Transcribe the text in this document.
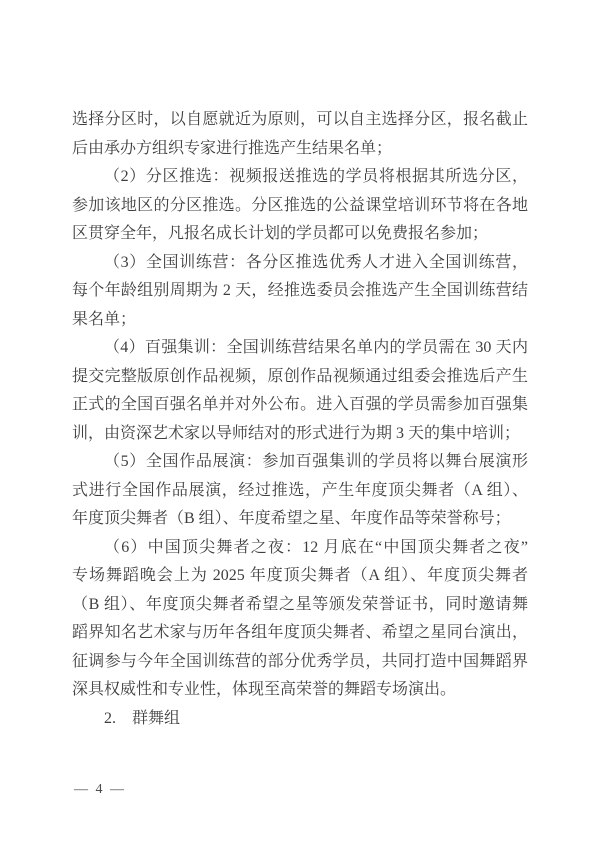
选择分区时，以自愿就近为原则，可以自主选择分区，报名截止

后由承办方组织专家进行推选产生结果名单；

（2）分区推选：视频报送推选的学员将根据其所选分区，

参加该地区的分区推选。分区推选的公益课堂培训环节将在各地

区贯穿全年，凡报名成长计划的学员都可以免费报名参加；

（3）全国训练营：各分区推选优秀人才进入全国训练营，

每个年龄组别周期为 2 天，经推选委员会推选产生全国训练营结

果名单；

（4）百强集训：全国训练营结果名单内的学员需在 30 天内

提交完整版原创作品视频，原创作品视频通过组委会推选后产生

正式的全国百强名单并对外公布。进入百强的学员需参加百强集

训，由资深艺术家以导师结对的形式进行为期 3 天的集中培训；

（5）全国作品展演：参加百强集训的学员将以舞台展演形

式进行全国作品展演，经过推选，产生年度顶尖舞者（A 组）、

年度顶尖舞者（B 组）、年度希望之星、年度作品等荣誉称号；

（6）中国顶尖舞者之夜：12 月底在“中国顶尖舞者之夜”

专场舞蹈晚会上为 2025 年度顶尖舞者（A 组）、年度顶尖舞者

（B 组）、年度顶尖舞者希望之星等颁发荣誉证书，同时邀请舞

蹈界知名艺术家与历年各组年度顶尖舞者、希望之星同台演出，

征调参与今年全国训练营的部分优秀学员，共同打造中国舞蹈界

深具权威性和专业性，体现至高荣誉的舞蹈专场演出。

2.　群舞组

— 4 —
